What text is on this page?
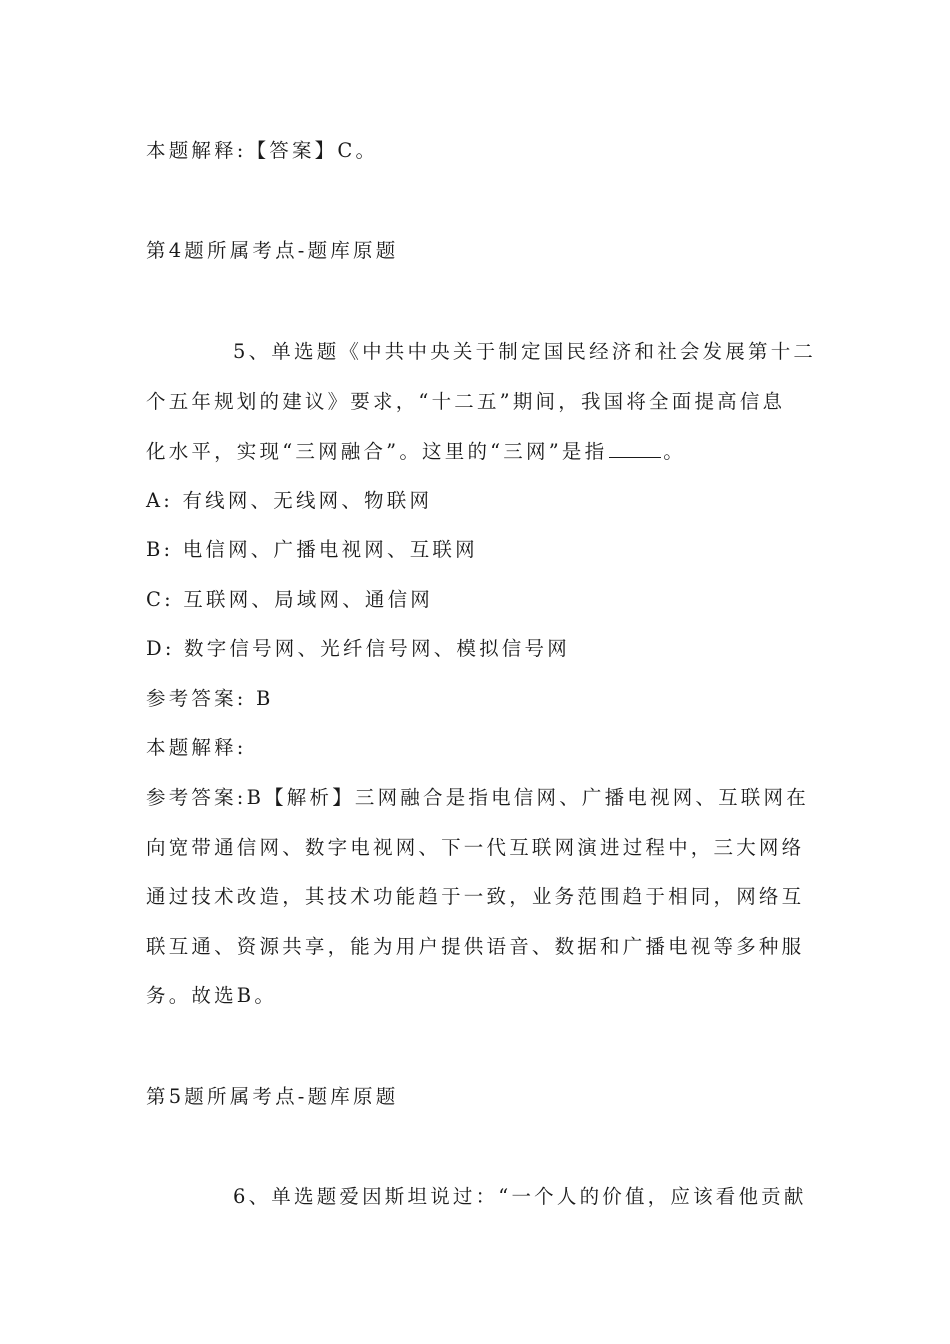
本题解释:【答案】C。
第4题所属考点-题库原题
5、单选题《中共中央关于制定国民经济和社会发展第十二
个五年规划的建议》要求，“十二五”期间，我国将全面提高信息
化水平，实现“三网融合”。这里的“三网”是指	。
A: 有线网、无线网、物联网
B: 电信网、广播电视网、互联网
C: 互联网、局域网、通信网
D: 数字信号网、光纤信号网、模拟信号网
参考答案: B
本题解释:
参考答案:B【解析】三网融合是指电信网、广播电视网、互联网在
向宽带通信网、数字电视网、下一代互联网演进过程中，三大网络
通过技术改造，其技术功能趋于一致，业务范围趋于相同，网络互
联互通、资源共享，能为用户提供语音、数据和广播电视等多种服
务。故选B。
第5题所属考点-题库原题
6、单选题爱因斯坦说过：“一个人的价值，应该看他贡献
